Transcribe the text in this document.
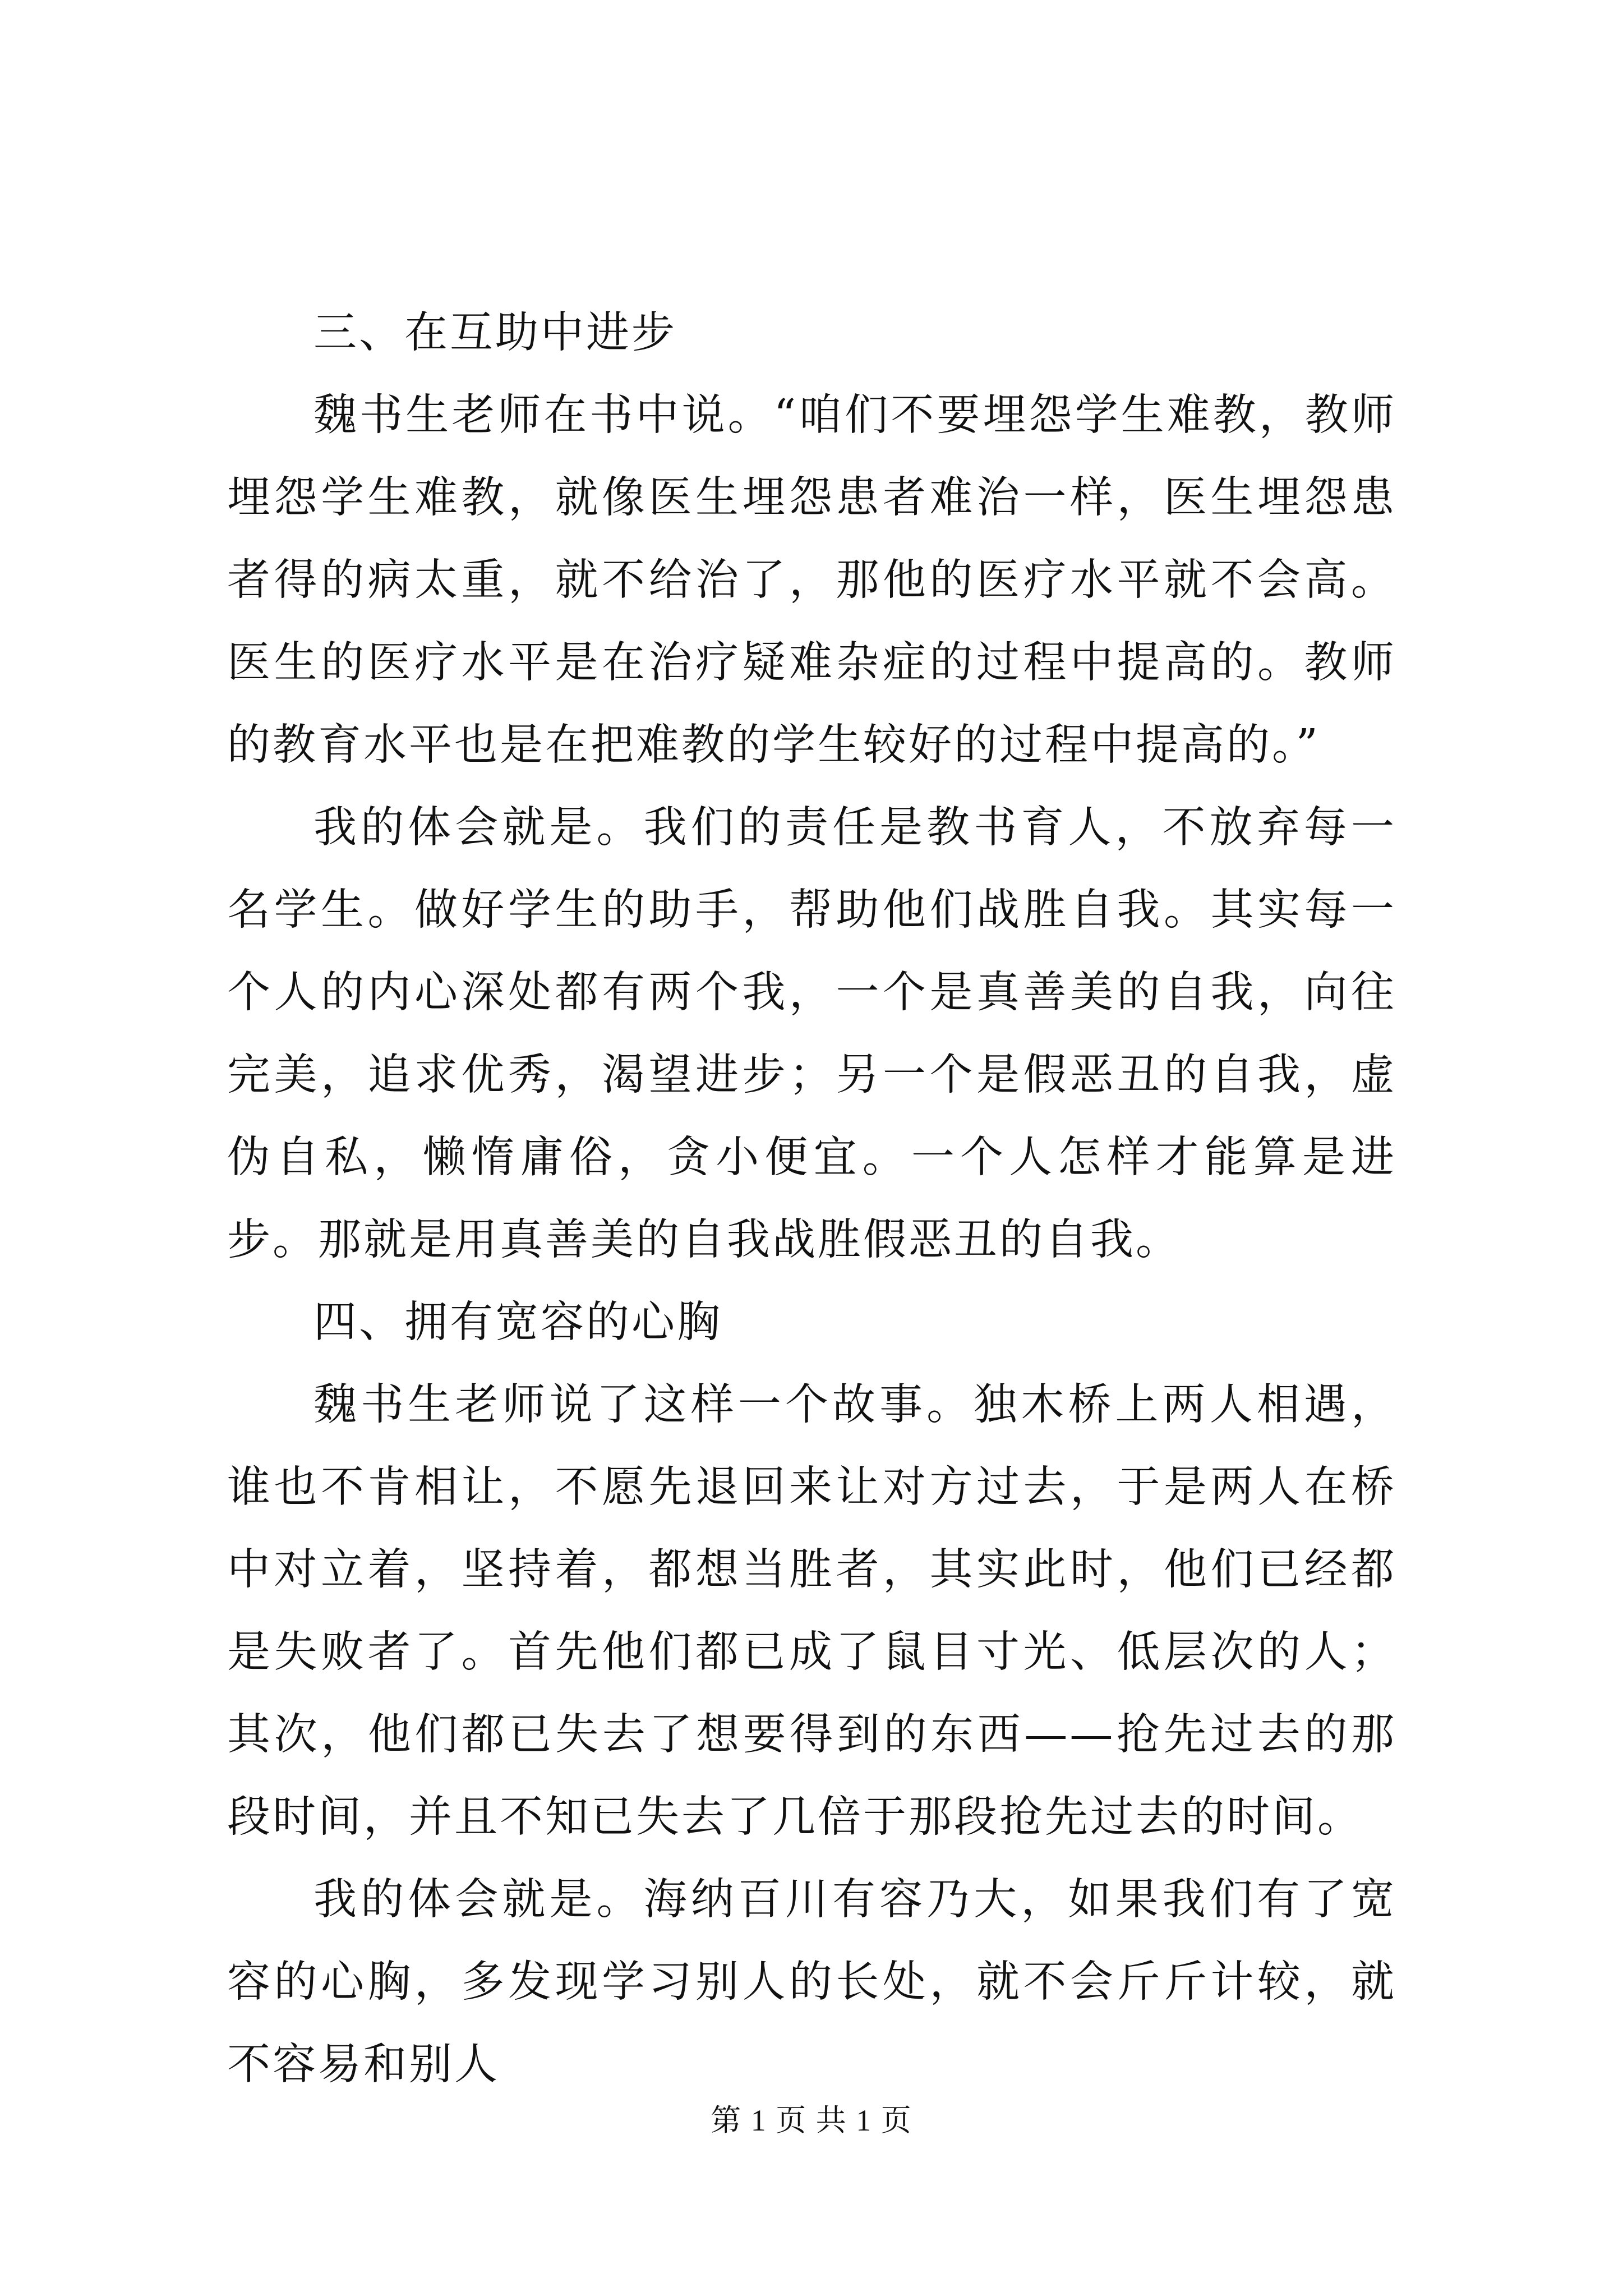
三、在互助中进步

魏书生老师在书中说。“咱们不要埋怨学生难教，教师埋怨学生难教，就像医生埋怨患者难治一样，医生埋怨患者得的病太重，就不给治了，那他的医疗水平就不会高。医生的医疗水平是在治疗疑难杂症的过程中提高的。教师的教育水平也是在把难教的学生较好的过程中提高的。”

我的体会就是。我们的责任是教书育人，不放弃每一名学生。做好学生的助手，帮助他们战胜自我。其实每一个人的内心深处都有两个我，一个是真善美的自我，向往完美，追求优秀，渴望进步；另一个是假恶丑的自我，虚伪自私，懒惰庸俗，贪小便宜。一个人怎样才能算是进步。那就是用真善美的自我战胜假恶丑的自我。

四、拥有宽容的心胸

魏书生老师说了这样一个故事。独木桥上两人相遇，谁也不肯相让，不愿先退回来让对方过去，于是两人在桥中对立着，坚持着，都想当胜者，其实此时，他们已经都是失败者了。首先他们都已成了鼠目寸光、低层次的人；其次，他们都已失去了想要得到的东西——抢先过去的那段时间，并且不知已失去了几倍于那段抢先过去的时间。

我的体会就是。海纳百川有容乃大，如果我们有了宽容的心胸，多发现学习别人的长处，就不会斤斤计较，就不容易和别人

第 1 页 共 1 页
